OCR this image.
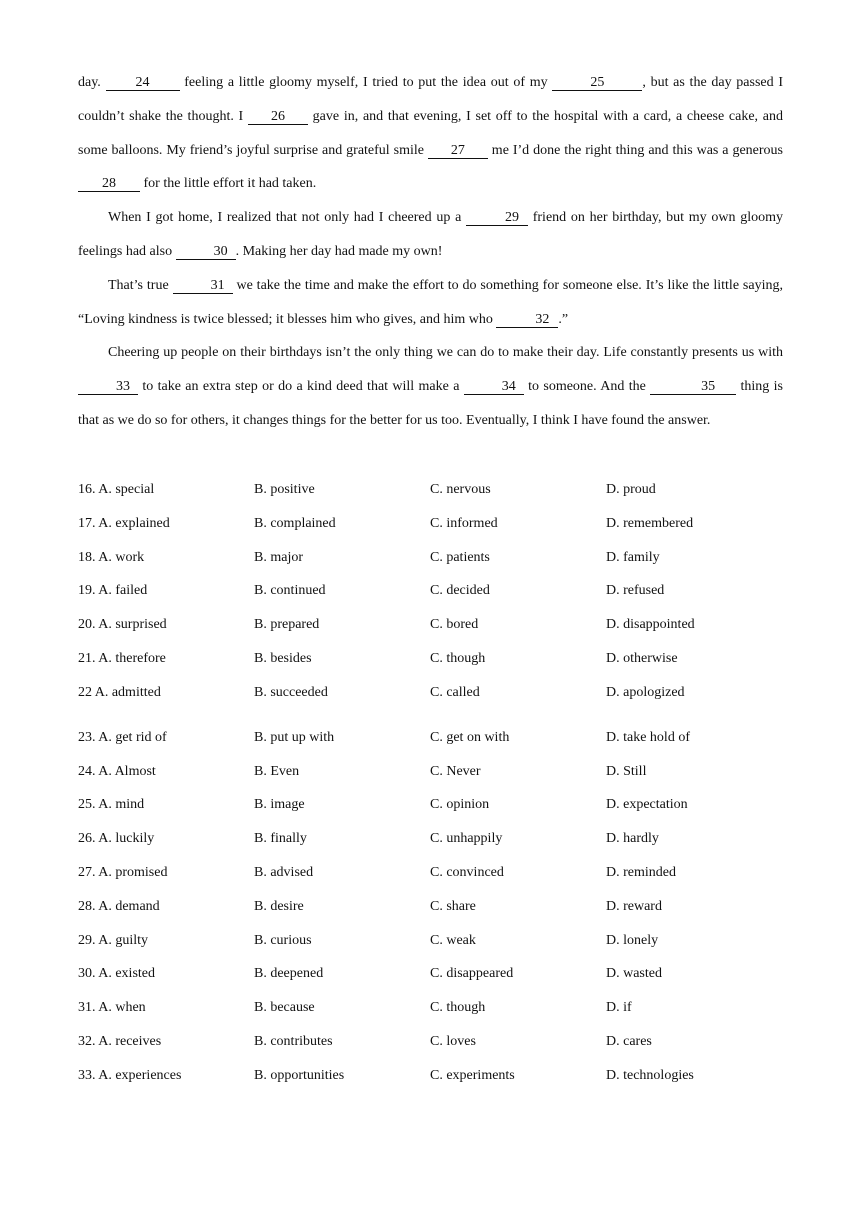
day. 24 feeling a little gloomy myself, I tried to put the idea out of my	25	, but as the day passed I couldn’t shake the thought. I 26 gave in, and that evening, I set off to the hospital with a card, a cheese cake, and some balloons. My friend’s joyful surprise and grateful smile 27 me I’d done the right thing and this was a generous 28 for the little effort it had taken.

When I got home, I realized that not only had I cheered up a	29 friend on her birthday, but my own gloomy feelings had also	30 . Making her day had made my own!

That’s true	31 we take the time and make the effort to do something for someone else. It’s like the little saying, “Loving kindness is twice blessed; it blesses him who gives, and him who	32 .”

Cheering up people on their birthdays isn’t the only thing we can do to make their day. Life constantly presents us with 33 to take an extra step or do a kind deed that will make a	34 to someone. And the	35 thing is that as we do so for others, it changes things for the better for us too. Eventually, I think I have found the answer.

16. A. special	B. positive	C. nervous	D. proud
17. A. explained	B. complained	C. informed	D. remembered
18. A. work	B. major	C. patients	D. family
19. A. failed	B. continued	C. decided	D. refused
20. A. surprised	B. prepared	C. bored	D. disappointed
21. A. therefore	B. besides	C. though	D. otherwise
22 A. admitted	B. succeeded	C. called	D. apologized
23. A. get rid of	B. put up with	C. get on with	D. take hold of
24. A. Almost	B. Even	C. Never	D. Still
25. A. mind	B. image	C. opinion	D. expectation
26. A. luckily	B. finally	C. unhappily	D. hardly
27. A. promised	B. advised	C. convinced	D. reminded
28. A. demand	B. desire	C. share	D. reward
29. A. guilty	B. curious	C. weak	D. lonely
30. A. existed	B. deepened	C. disappeared	D. wasted
31. A. when	B. because	C. though	D. if
32. A. receives	B. contributes	C. loves	D. cares
33. A. experiences	B. opportunities	C. experiments	D. technologies
